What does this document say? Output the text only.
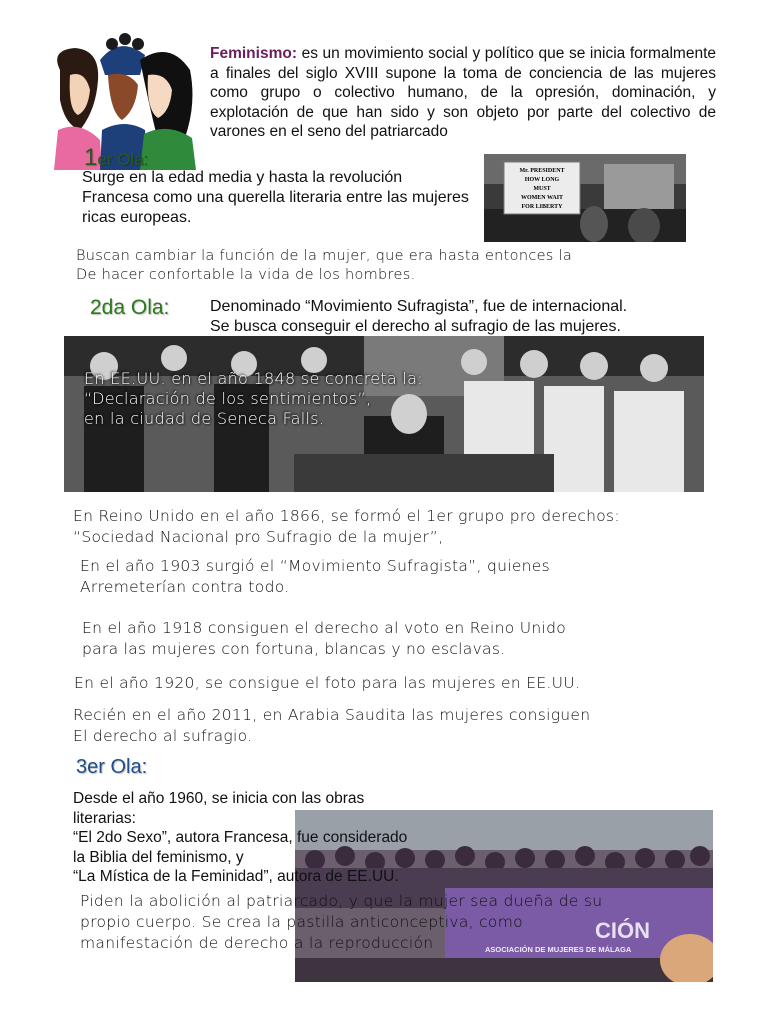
Feminismo: es un movimiento social y político que se inicia formalmente a finales del siglo XVIII supone la toma de conciencia de las mujeres como grupo o colectivo humano, de la opresión, dominación, y explotación de que han sido y son objeto por parte del colectivo de varones en el seno del patriarcado
1er Ola:
Surge en la edad media y hasta la revolución Francesa como una querella literaria entre las mujeres ricas europeas.
Mr. PRESIDENT
HOW LONG
MUST
WOMEN WAIT
FOR LIBERTY
Buscan cambiar la función de la mujer, que era hasta entonces la
De hacer confortable la vida de los hombres.
2da Ola:	Denominado “Movimiento Sufragista”, fue de internacional.
Se busca conseguir el derecho al sufragio de las mujeres.
En EE.UU. en el año 1848 se concreta la:
“Declaración de los sentimientos”,
en la ciudad de Seneca Falls.
En Reino Unido en el año 1866, se formó el 1er grupo pro derechos:
“Sociedad Nacional pro Sufragio de la mujer”,
En el año 1903 surgió el “Movimiento Sufragista”, quienes
Arremeterían contra todo.
En el año 1918 consiguen el derecho al voto en Reino Unido
para las mujeres con fortuna, blancas y no esclavas.
En el año 1920, se consigue el foto para las mujeres en EE.UU.
Recién en el año 2011, en Arabia Saudita las mujeres consiguen
El derecho al sufragio.
3er Ola:
CIÓN
ASOCIACIÓN DE MUJERES DE MÁLAGA
Desde el año 1960, se inicia con las obras
literarias:
“El 2do Sexo”, autora Francesa, fue considerado
la Biblia del feminismo, y
“La Mística de la Feminidad”, autora de EE.UU.
Piden la abolición al patriarcado, y que la mujer sea dueña de su
propio cuerpo. Se crea la pastilla anticonceptiva, como
manifestación de derecho a la reproducción
